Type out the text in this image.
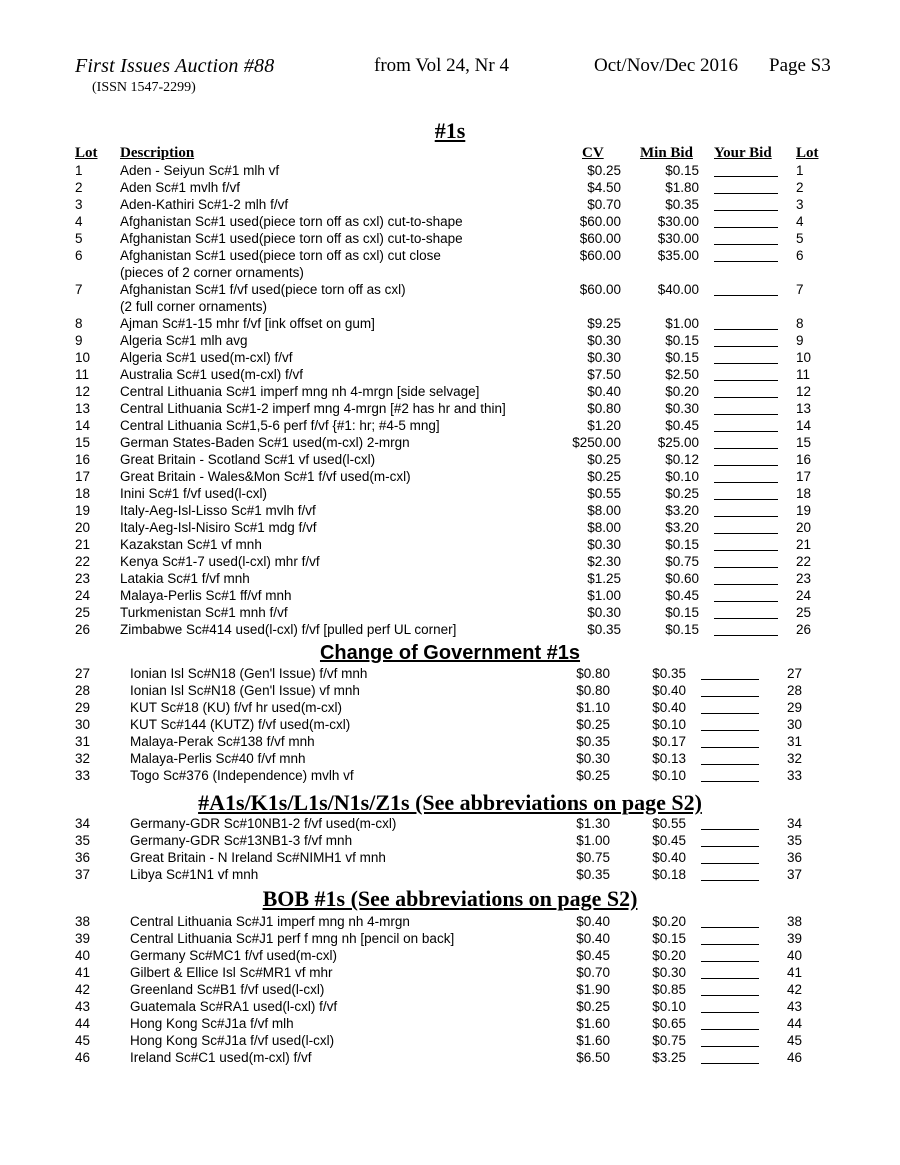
First Issues Auction #88	from Vol 24, Nr 4	Oct/Nov/Dec 2016 Page S3
(ISSN 1547-2299)
#1s
Lot Description	CV Min Bid Your Bid Lot
1	Aden - Seiyun Sc#1 mlh vf	$0.25	$0.15	1
2	Aden Sc#1 mvlh f/vf	$4.50	$1.80	2
3	Aden-Kathiri Sc#1-2 mlh f/vf	$0.70	$0.35	3
4	Afghanistan Sc#1 used(piece torn off as cxl) cut-to-shape	$60.00	$30.00	4
5	Afghanistan Sc#1 used(piece torn off as cxl) cut-to-shape	$60.00	$30.00	5
6	Afghanistan Sc#1 used(piece torn off as cxl) cut close
(pieces of 2 corner ornaments)
$60.00	$35.00	6
7	Afghanistan Sc#1 f/vf used(piece torn off as cxl)
(2 full corner ornaments)
$60.00	$40.00	7
8	Ajman Sc#1-15 mhr f/vf [ink offset on gum]	$9.25	$1.00	8
9	Algeria Sc#1 mlh avg	$0.30	$0.15	9
10 Algeria Sc#1 used(m-cxl) f/vf	$0.30	$0.15	10
11 Australia Sc#1 used(m-cxl) f/vf	$7.50	$2.50	11
12 Central Lithuania Sc#1 imperf mng nh 4-mrgn [side selvage]	$0.40	$0.20	12
13 Central Lithuania Sc#1-2 imperf mng 4-mrgn [#2 has hr and thin]	$0.80	$0.30	13
14 Central Lithuania Sc#1,5-6 perf f/vf {#1: hr; #4-5 mng]	$1.20	$0.45	14
15 German States-Baden Sc#1 used(m-cxl) 2-mrgn	$250.00	$25.00	15
16 Great Britain - Scotland Sc#1 vf used(l-cxl)	$0.25	$0.12	16
17 Great Britain - Wales&Mon Sc#1 f/vf used(m-cxl)	$0.25	$0.10	17
18 Inini Sc#1 f/vf used(l-cxl)	$0.55	$0.25	18
19 Italy-Aeg-Isl-Lisso Sc#1 mvlh f/vf	$8.00	$3.20	19
20 Italy-Aeg-Isl-Nisiro Sc#1 mdg f/vf	$8.00	$3.20	20
21 Kazakstan Sc#1 vf mnh	$0.30	$0.15	21
22 Kenya Sc#1-7 used(l-cxl) mhr f/vf	$2.30	$0.75	22
23 Latakia Sc#1 f/vf mnh	$1.25	$0.60	23
24 Malaya-Perlis Sc#1 ff/vf mnh	$1.00	$0.45	24
25 Turkmenistan Sc#1 mnh f/vf	$0.30	$0.15	25
26 Zimbabwe Sc#414 used(l-cxl) f/vf [pulled perf UL corner]	$0.35	$0.15	26
Change of Government #1s
27	Ionian Isl Sc#N18 (Gen'l Issue) f/vf mnh	$0.80	$0.35	27
28	Ionian Isl Sc#N18 (Gen'l Issue) vf mnh	$0.80	$0.40	28
29	KUT Sc#18 (KU) f/vf hr used(m-cxl)	$1.10	$0.40	29
30	KUT Sc#144 (KUTZ) f/vf used(m-cxl)	$0.25	$0.10	30
31	Malaya-Perak Sc#138 f/vf mnh	$0.35	$0.17	31
32	Malaya-Perlis Sc#40 f/vf mnh	$0.30	$0.13	32
33	Togo Sc#376 (Independence) mvlh vf	$0.25	$0.10	33
#A1s/K1s/L1s/N1s/Z1s (See abbreviations on page S2)
34	Germany-GDR Sc#10NB1-2 f/vf used(m-cxl)	$1.30	$0.55	34
35	Germany-GDR Sc#13NB1-3 f/vf mnh	$1.00	$0.45	35
36	Great Britain - N Ireland Sc#NIMH1 vf mnh	$0.75	$0.40	36
37	Libya Sc#1N1 vf mnh	$0.35	$0.18	37
BOB #1s (See abbreviations on page S2)
38	Central Lithuania Sc#J1 imperf mng nh 4-mrgn	$0.40	$0.20	38
39	Central Lithuania Sc#J1 perf f mng nh [pencil on back]	$0.40	$0.15	39
40	Germany Sc#MC1 f/vf used(m-cxl)	$0.45	$0.20	40
41	Gilbert & Ellice Isl Sc#MR1 vf mhr	$0.70	$0.30	41
42	Greenland Sc#B1 f/vf used(l-cxl)	$1.90	$0.85	42
43	Guatemala Sc#RA1 used(l-cxl) f/vf	$0.25	$0.10	43
44	Hong Kong Sc#J1a f/vf mlh	$1.60	$0.65	44
45	Hong Kong Sc#J1a f/vf used(l-cxl)	$1.60	$0.75	45
46	Ireland Sc#C1 used(m-cxl) f/vf	$6.50	$3.25	46
